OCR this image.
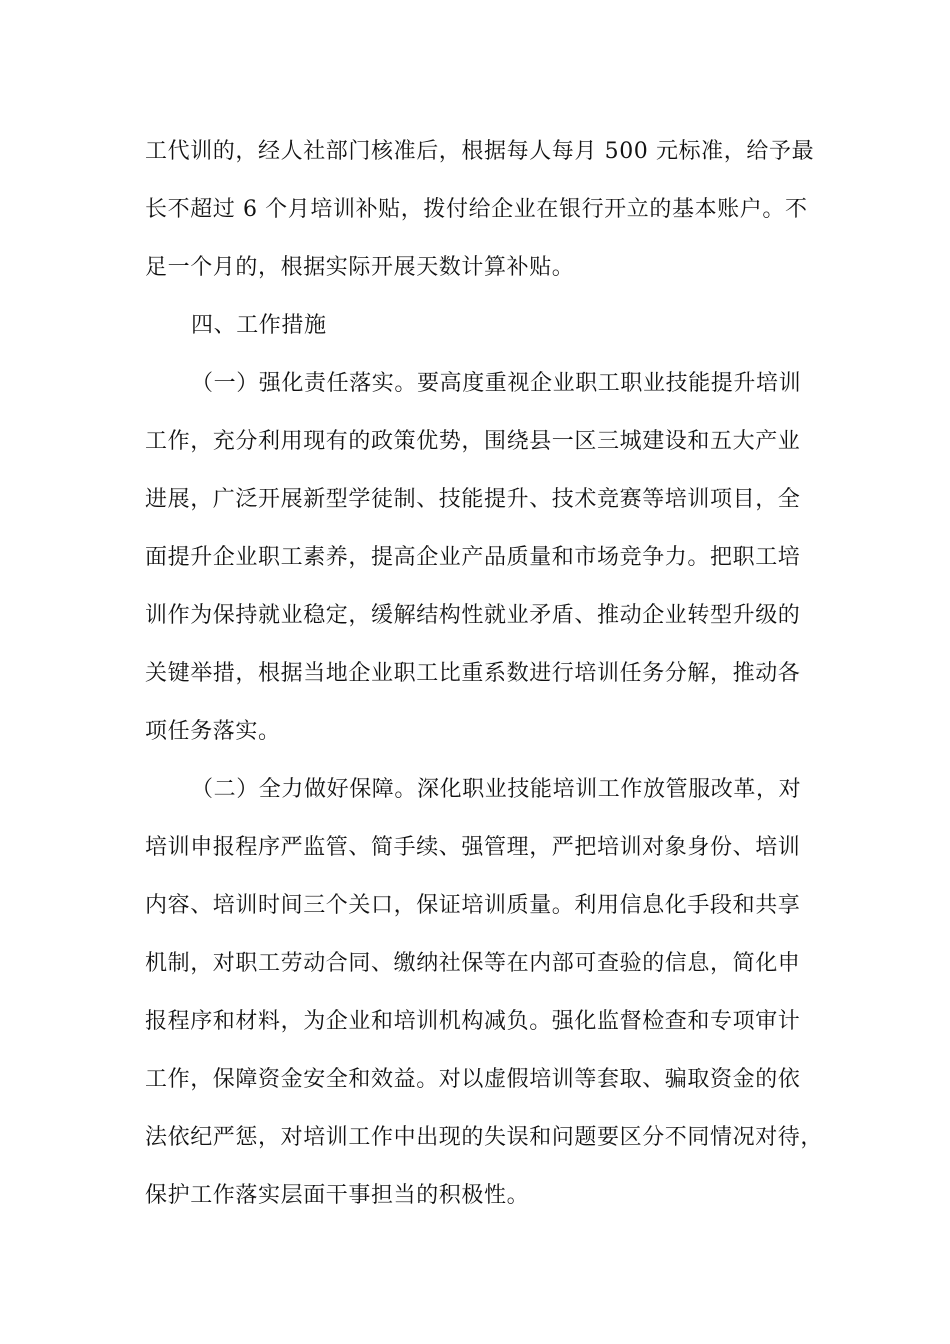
工代训的，经人社部门核准后，根据每人每月 500 元标准，给予最

长不超过 6 个月培训补贴，拨付给企业在银行开立的基本账户。不

足一个月的，根据实际开展天数计算补贴。

四、工作措施

（一）强化责任落实。要高度重视企业职工职业技能提升培训

工作，充分利用现有的政策优势，围绕县一区三城建设和五大产业

进展，广泛开展新型学徒制、技能提升、技术竞赛等培训项目，全

面提升企业职工素养，提高企业产品质量和市场竞争力。把职工培

训作为保持就业稳定，缓解结构性就业矛盾、推动企业转型升级的

关键举措，根据当地企业职工比重系数进行培训任务分解，推动各

项任务落实。

（二）全力做好保障。深化职业技能培训工作放管服改革，对

培训申报程序严监管、简手续、强管理，严把培训对象身份、培训

内容、培训时间三个关口，保证培训质量。利用信息化手段和共享

机制，对职工劳动合同、缴纳社保等在内部可查验的信息，简化申

报程序和材料，为企业和培训机构减负。强化监督检查和专项审计

工作，保障资金安全和效益。对以虚假培训等套取、骗取资金的依

法依纪严惩，对培训工作中出现的失误和问题要区分不同情况对待，

保护工作落实层面干事担当的积极性。
